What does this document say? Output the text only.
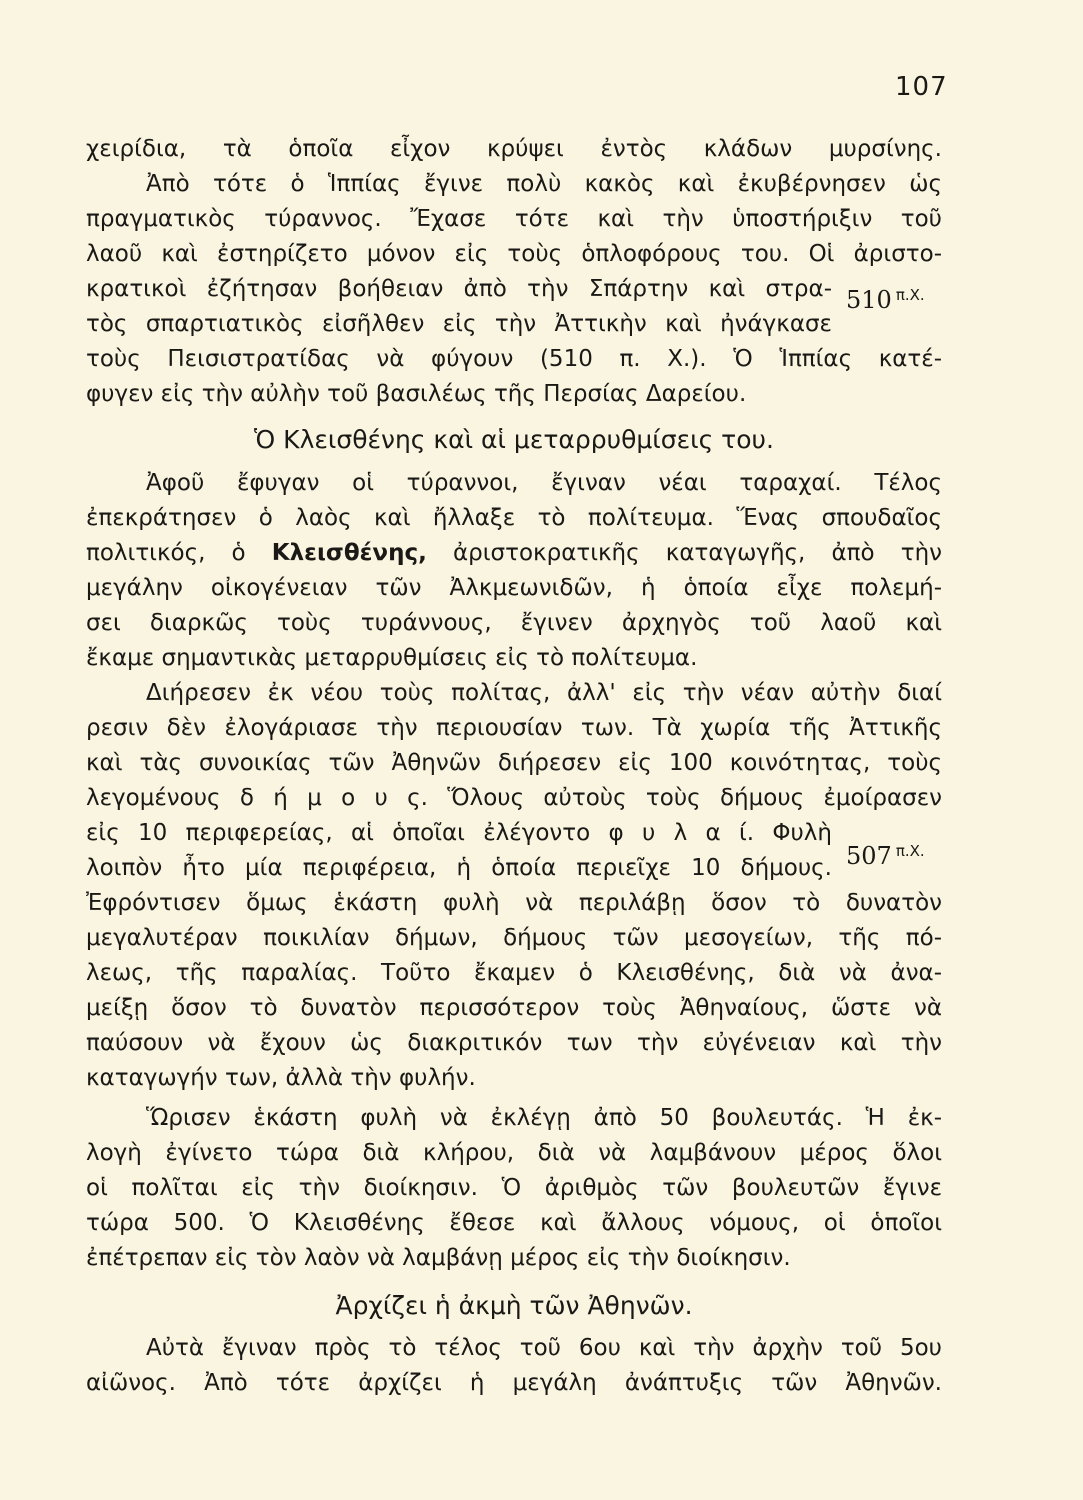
107
510 $^{\pi.X.}$
507 $^{\pi.X.}$
χειρίδια, τὰ ὁποῖα εἶχον κρύψει ἐντὸς κλάδων μυρσίνης.
Ἀπὸ τότε ὁ Ἱππίας ἔγινε πολὺ κακὸς καὶ ἐκυβέρνησεν ὡς
πραγματικὸς τύραννος. Ἔχασε τότε καὶ τὴν ὑποστήριξιν τοῦ
λαοῦ καὶ ἐστηρίζετο μόνον εἰς τοὺς ὁπλοφόρους του. Οἱ ἀριστο-
κρατικοὶ ἐζήτησαν βοήθειαν ἀπὸ τὴν Σπάρτην καὶ στρα-
τὸς σπαρτιατικὸς εἰσῆλθεν εἰς τὴν Ἀττικὴν καὶ ἠνάγκασε
τοὺς Πεισιστρατίδας νὰ φύγουν (510 π. Χ.). Ὁ Ἱππίας κατέ-
φυγεν εἰς τὴν αὐλὴν τοῦ βασιλέως τῆς Περσίας Δαρείου.
Ὁ Κλεισθένης καὶ αἱ μεταρρυθμίσεις του.
Ἀφοῦ ἔφυγαν οἱ τύραννοι, ἔγιναν νέαι ταραχαί. Τέλος
ἐπεκράτησεν ὁ λαὸς καὶ ἤλλαξε τὸ πολίτευμα. Ἕνας σπουδαῖος
πολιτικός, ὁ Κλεισθένης, ἀριστοκρατικῆς καταγωγῆς, ἀπὸ τὴν
μεγάλην οἰκογένειαν τῶν Ἀλκμεωνιδῶν, ἡ ὁποία εἶχε πολεμή-
σει διαρκῶς τοὺς τυράννους, ἔγινεν ἀρχηγὸς τοῦ λαοῦ καὶ
ἔκαμε σημαντικὰς μεταρρυθμίσεις εἰς τὸ πολίτευμα.
Διήρεσεν ἐκ νέου τοὺς πολίτας, ἀλλ' εἰς τὴν νέαν αὐτὴν διαί
ρεσιν δὲν ἐλογάριασε τὴν περιουσίαν των. Τὰ χωρία τῆς Ἀττικῆς
καὶ τὰς συνοικίας τῶν Ἀθηνῶν διήρεσεν εἰς 100 κοινότητας, τοὺς
λεγομένους δ ή μ ο υ ς. Ὅλους αὐτοὺς τοὺς δήμους ἐμοίρασεν
εἰς 10 περιφερείας, αἱ ὁποῖαι ἐλέγοντο φ υ λ α ί. Φυλὴ
λοιπὸν ἦτο μία περιφέρεια, ἡ ὁποία περιεῖχε 10 δήμους.
Ἐφρόντισεν ὅμως ἑκάστη φυλὴ νὰ περιλάβῃ ὅσον τὸ δυνατὸν
μεγαλυτέραν ποικιλίαν δήμων, δήμους τῶν μεσογείων, τῆς πό-
λεως, τῆς παραλίας. Τοῦτο ἔκαμεν ὁ Κλεισθένης, διὰ νὰ ἀνα-
μείξῃ ὅσον τὸ δυνατὸν περισσότερον τοὺς Ἀθηναίους, ὥστε νὰ
παύσουν νὰ ἔχουν ὡς διακριτικόν των τὴν εὐγένειαν καὶ τὴν
καταγωγήν των, ἀλλὰ τὴν φυλήν.
Ὥρισεν ἑκάστη φυλὴ νὰ ἐκλέγῃ ἀπὸ 50 βουλευτάς. Ἡ ἐκ-
λογὴ ἐγίνετο τώρα διὰ κλήρου, διὰ νὰ λαμβάνουν μέρος ὅλοι
οἱ πολῖται εἰς τὴν διοίκησιν. Ὁ ἀριθμὸς τῶν βουλευτῶν ἔγινε
τώρα 500. Ὁ Κλεισθένης ἔθεσε καὶ ἄλλους νόμους, οἱ ὁποῖοι
ἐπέτρεπαν εἰς τὸν λαὸν νὰ λαμβάνῃ μέρος εἰς τὴν διοίκησιν.
Ἀρχίζει ἡ ἀκμὴ τῶν Ἀθηνῶν.
Αὐτὰ ἔγιναν πρὸς τὸ τέλος τοῦ 6ου καὶ τὴν ἀρχὴν τοῦ 5ου
αἰῶνος. Ἀπὸ τότε ἀρχίζει ἡ μεγάλη ἀνάπτυξις τῶν Ἀθηνῶν.
